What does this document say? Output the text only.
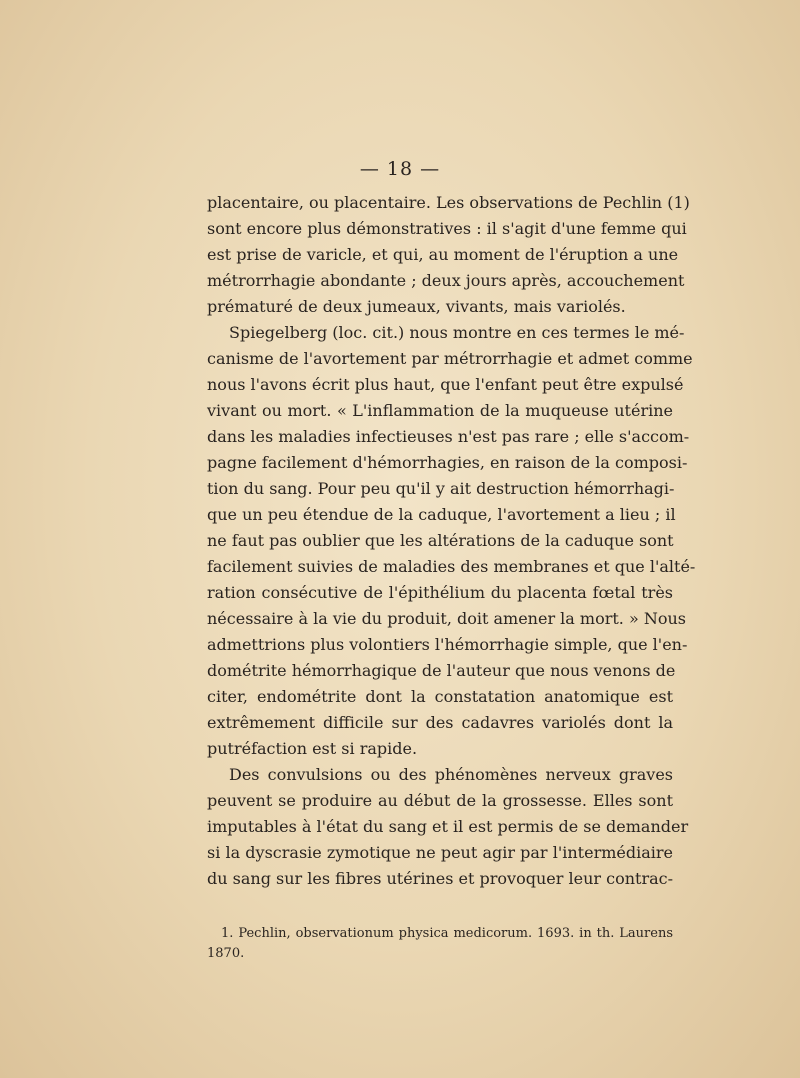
— 18 —
placentaire, ou placentaire. Les observations de Pechlin (1)
sont encore plus démonstratives : il s'agit d'une femme qui
est prise de varicle, et qui, au moment de l'éruption a une
métrorrhagie abondante ; deux jours après, accouchement
prématuré de deux jumeaux, vivants, mais variolés.
Spiegelberg (loc. cit.) nous montre en ces termes le mé-
canisme de l'avortement par métrorrhagie et admet comme
nous l'avons écrit plus haut, que l'enfant peut être expulsé
vivant ou mort. « L'inflammation de la muqueuse utérine
dans les maladies infectieuses n'est pas rare ; elle s'accom-
pagne facilement d'hémorrhagies, en raison de la composi-
tion du sang. Pour peu qu'il y ait destruction hémorrhagi-
que un peu étendue de la caduque, l'avortement a lieu ; il
ne faut pas oublier que les altérations de la caduque sont
facilement suivies de maladies des membranes et que l'alté-
ration consécutive de l'épithélium du placenta fœtal très
nécessaire à la vie du produit, doit amener la mort. » Nous
admettrions plus volontiers l'hémorrhagie simple, que l'en-
dométrite hémorrhagique de l'auteur que nous venons de
citer, endométrite dont la constatation anatomique est
extrêmement difficile sur des cadavres variolés dont la
putréfaction est si rapide.
Des convulsions ou des phénomènes nerveux graves
peuvent se produire au début de la grossesse. Elles sont
imputables à l'état du sang et il est permis de se demander
si la dyscrasie zymotique ne peut agir par l'intermédiaire
du sang sur les fibres utérines et provoquer leur contrac-
1. Pechlin, observationum physica medicorum. 1693. in th. Laurens
1870.
